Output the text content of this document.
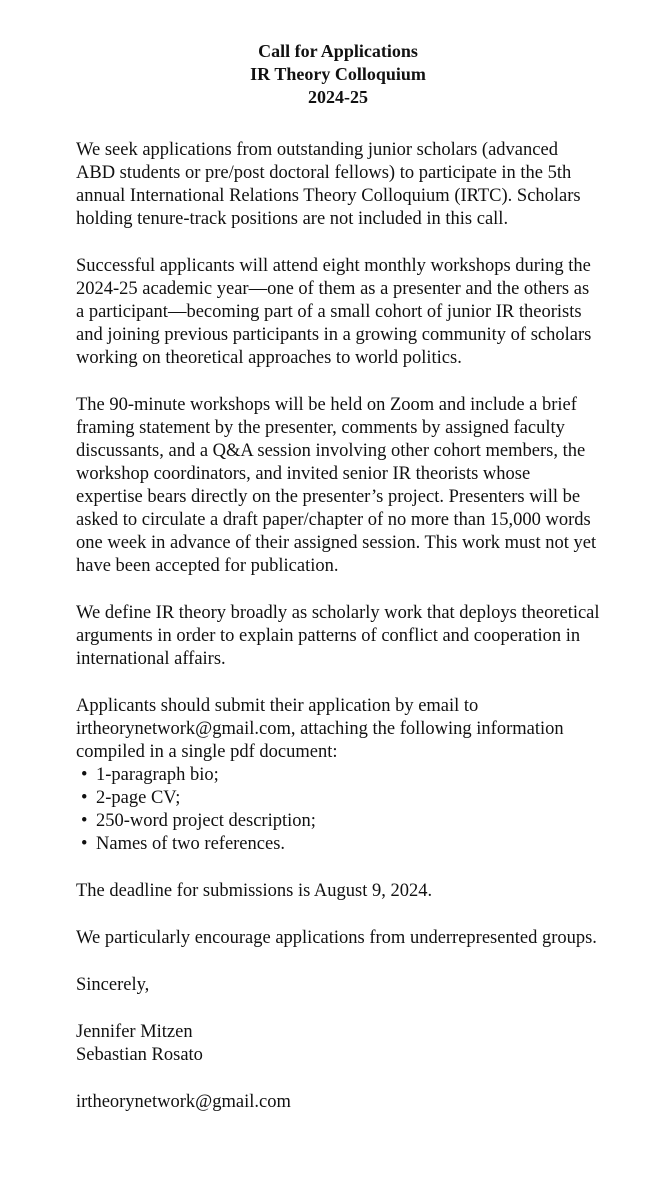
Call for Applications
IR Theory Colloquium
2024-25

We seek applications from outstanding junior scholars (advanced ABD students or pre/post doctoral fellows) to participate in the 5th annual International Relations Theory Colloquium (IRTC). Scholars holding tenure-track positions are not included in this call.

Successful applicants will attend eight monthly workshops during the 2024-25 academic year—one of them as a presenter and the others as a participant—becoming part of a small cohort of junior IR theorists and joining previous participants in a growing community of scholars working on theoretical approaches to world politics.

The 90-minute workshops will be held on Zoom and include a brief framing statement by the presenter, comments by assigned faculty discussants, and a Q&A session involving other cohort members, the workshop coordinators, and invited senior IR theorists whose expertise bears directly on the presenter’s project. Presenters will be asked to circulate a draft paper/chapter of no more than 15,000 words one week in advance of their assigned session. This work must not yet have been accepted for publication.

We define IR theory broadly as scholarly work that deploys theoretical arguments in order to explain patterns of conflict and cooperation in international affairs.

Applicants should submit their application by email to irtheorynetwork@gmail.com, attaching the following information compiled in a single pdf document:

• 1-paragraph bio;
• 2-page CV;
• 250-word project description;
• Names of two references.

The deadline for submissions is August 9, 2024.

We particularly encourage applications from underrepresented groups.

Sincerely,

Jennifer Mitzen
Sebastian Rosato

irtheorynetwork@gmail.com
